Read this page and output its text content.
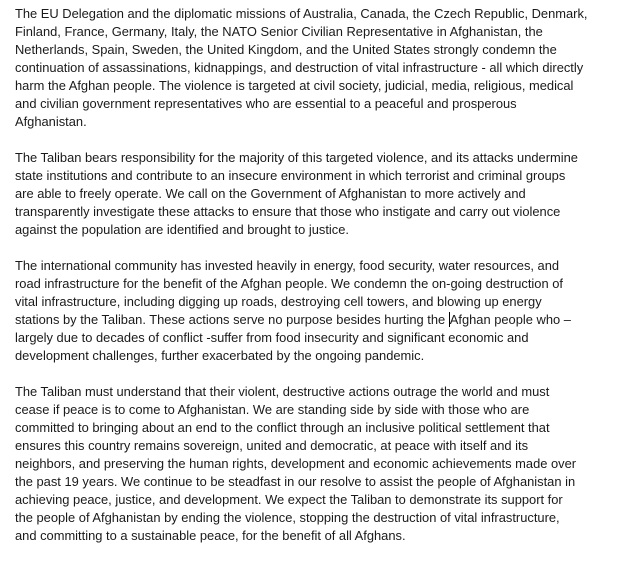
The EU Delegation and the diplomatic missions of Australia, Canada, the Czech Republic, Denmark,
Finland, France, Germany, Italy, the NATO Senior Civilian Representative in Afghanistan, the
Netherlands, Spain, Sweden, the United Kingdom, and the United States strongly condemn the
continuation of assassinations, kidnappings, and destruction of vital infrastructure - all which directly
harm the Afghan people. The violence is targeted at civil society, judicial, media, religious, medical
and civilian government representatives who are essential to a peaceful and prosperous
Afghanistan.
The Taliban bears responsibility for the majority of this targeted violence, and its attacks undermine
state institutions and contribute to an insecure environment in which terrorist and criminal groups
are able to freely operate. We call on the Government of Afghanistan to more actively and
transparently investigate these attacks to ensure that those who instigate and carry out violence
against the population are identified and brought to justice.
The international community has invested heavily in energy, food security, water resources, and
road infrastructure for the benefit of the Afghan people. We condemn the on-going destruction of
vital infrastructure, including digging up roads, destroying cell towers, and blowing up energy
stations by the Taliban. These actions serve no purpose besides hurting the Afghan people who –
largely due to decades of conflict -suffer from food insecurity and significant economic and
development challenges, further exacerbated by the ongoing pandemic.
The Taliban must understand that their violent, destructive actions outrage the world and must
cease if peace is to come to Afghanistan. We are standing side by side with those who are
committed to bringing about an end to the conflict through an inclusive political settlement that
ensures this country remains sovereign, united and democratic, at peace with itself and its
neighbors, and preserving the human rights, development and economic achievements made over
the past 19 years. We continue to be steadfast in our resolve to assist the people of Afghanistan in
achieving peace, justice, and development. We expect the Taliban to demonstrate its support for
the people of Afghanistan by ending the violence, stopping the destruction of vital infrastructure,
and committing to a sustainable peace, for the benefit of all Afghans.
